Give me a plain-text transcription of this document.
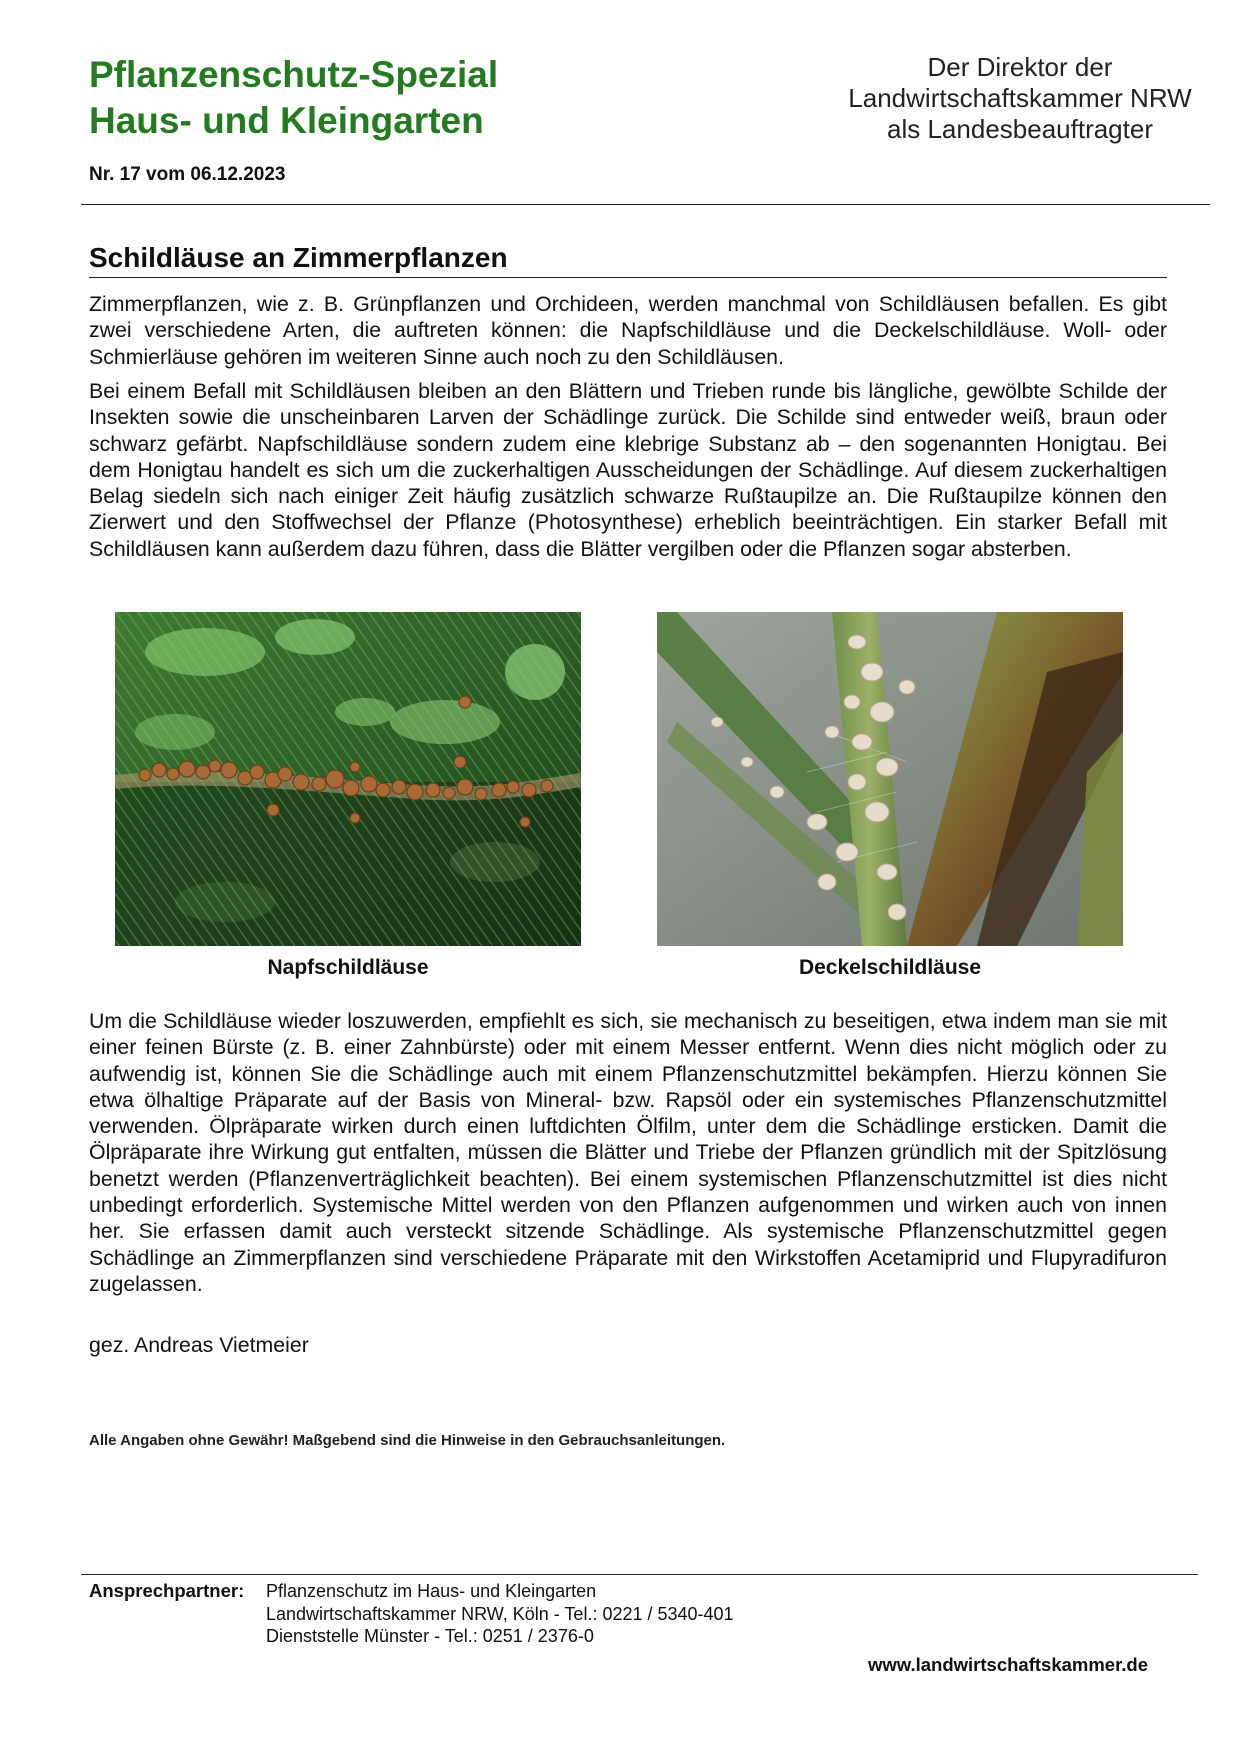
Pflanzenschutz-Spezial
Haus- und Kleingarten
Nr. 17 vom 06.12.2023
Der Direktor der
Landwirtschaftskammer NRW
als Landesbeauftragter
Schildläuse an Zimmerpflanzen

Zimmerpflanzen, wie z. B. Grünpflanzen und Orchideen, werden manchmal von Schildläusen befallen. Es gibt zwei verschiedene Arten, die auftreten können: die Napfschildläuse und die Deckelschildläuse. Woll- oder Schmierläuse gehören im weiteren Sinne auch noch zu den Schildläusen.

Bei einem Befall mit Schildläusen bleiben an den Blättern und Trieben runde bis längliche, gewölbte Schilde der Insekten sowie die unscheinbaren Larven der Schädlinge zurück. Die Schilde sind entweder weiß, braun oder schwarz gefärbt. Napfschildläuse sondern zudem eine klebrige Substanz ab – den sogenannten Honigtau. Bei dem Honigtau handelt es sich um die zuckerhaltigen Ausscheidungen der Schädlinge. Auf diesem zuckerhaltigen Belag siedeln sich nach einiger Zeit häufig zusätzlich schwarze Rußtaupilze an. Die Rußtaupilze können den Zierwert und den Stoffwechsel der Pflanze (Photosynthese) erheblich beeinträchtigen. Ein starker Befall mit Schildläusen kann außerdem dazu führen, dass die Blätter vergilben oder die Pflanzen sogar absterben.

Napfschildläuse	Deckelschildläuse

Um die Schildläuse wieder loszuwerden, empfiehlt es sich, sie mechanisch zu beseitigen, etwa indem man sie mit einer feinen Bürste (z. B. einer Zahnbürste) oder mit einem Messer entfernt. Wenn dies nicht möglich oder zu aufwendig ist, können Sie die Schädlinge auch mit einem Pflanzenschutzmittel bekämpfen. Hierzu können Sie etwa ölhaltige Präparate auf der Basis von Mineral- bzw. Rapsöl oder ein systemisches Pflanzenschutzmittel verwenden. Ölpräparate wirken durch einen luftdichten Ölfilm, unter dem die Schädlinge ersticken. Damit die Ölpräparate ihre Wirkung gut entfalten, müssen die Blätter und Triebe der Pflanzen gründlich mit der Spitzlösung benetzt werden (Pflanzenverträglichkeit beachten). Bei einem systemischen Pflanzenschutzmittel ist dies nicht unbedingt erforderlich. Systemische Mittel werden von den Pflanzen aufgenommen und wirken auch von innen her. Sie erfassen damit auch versteckt sitzende Schädlinge. Als systemische Pflanzenschutzmittel gegen Schädlinge an Zimmerpflanzen sind verschiedene Präparate mit den Wirkstoffen Acetamiprid und Flupyradifuron zugelassen.

gez. Andreas Vietmeier
Alle Angaben ohne Gewähr! Maßgebend sind die Hinweise in den Gebrauchsanleitungen.
Ansprechpartner: Pflanzenschutz im Haus- und Kleingarten
Landwirtschaftskammer NRW, Köln - Tel.: 0221 / 5340-401
Dienststelle Münster - Tel.: 0251 / 2376-0
www.landwirtschaftskammer.de
